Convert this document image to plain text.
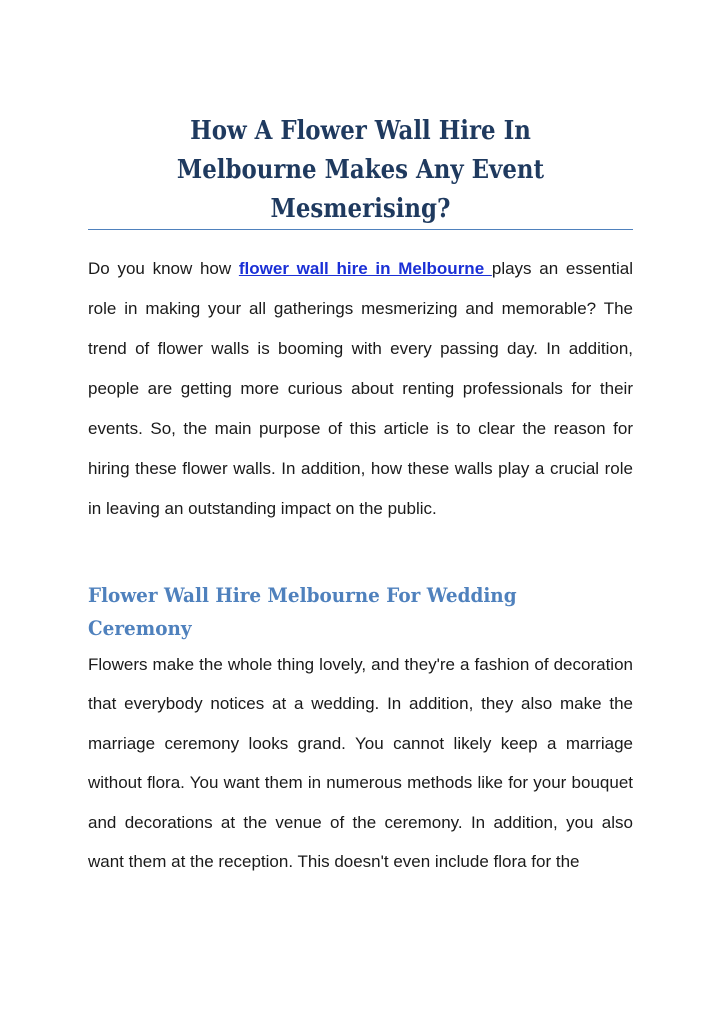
How A Flower Wall Hire In Melbourne Makes Any Event Mesmerising?

Do you know how flower wall hire in Melbourne plays an essential role in making your all gatherings mesmerizing and memorable? The trend of flower walls is booming with every passing day. In addition, people are getting more curious about renting professionals for their events. So, the main purpose of this article is to clear the reason for hiring these flower walls. In addition, how these walls play a crucial role in leaving an outstanding impact on the public.

Flower Wall Hire Melbourne For Wedding Ceremony

Flowers make the whole thing lovely, and they're a fashion of decoration that everybody notices at a wedding. In addition, they also make the marriage ceremony looks grand. You cannot likely keep a marriage without flora. You want them in numerous methods like for your bouquet and decorations at the venue of the ceremony. In addition, you also want them at the reception. This doesn't even include flora for the
